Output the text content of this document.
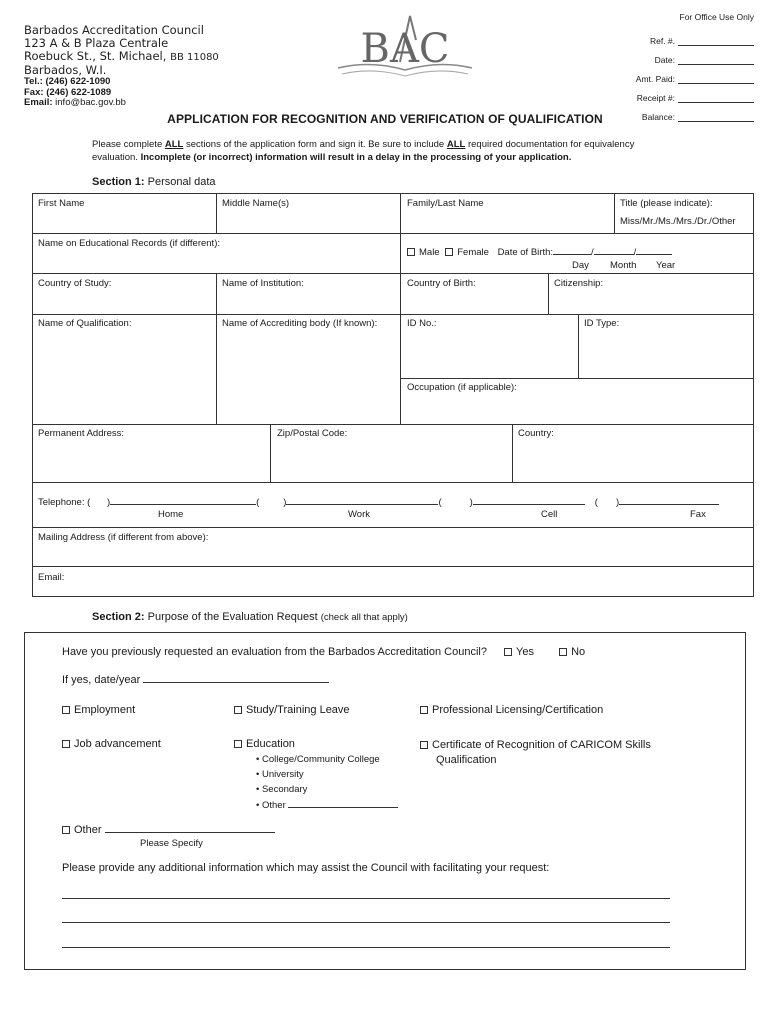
Barbados Accreditation Council
123 A & B Plaza Centrale
Roebuck St., St. Michael, BB 11080
Barbados, W.I.
Tel.: (246) 622-1090
Fax: (246) 622-1089
Email: info@bac.gov.bb
BAC
For Office Use Only
Ref. #.
Date:
Amt. Paid:
Receipt #:
Balance:
APPLICATION FOR RECOGNITION AND VERIFICATION OF QUALIFICATION
Please complete ALL sections of the application form and sign it. Be sure to include ALL required documentation for equivalency
evaluation. Incomplete (or incorrect) information will result in a delay in the processing of your application.
Section 1: Personal data
First Name	Middle Name(s)	Family/Last Name	Title (please indicate):
Miss/Mr./Ms./Mrs./Dr./Other
Name on Educational Records (if different):
Male Female Date of Birth:	/	/
Day Month Year
Country of Study:	Name of Institution:	Country of Birth:	Citizenship:
Name of Qualification:	Name of Accrediting body (If known):	ID No.:	ID Type:
Occupation (if applicable):
Permanent Address:	Zip/Postal Code:	Country:
Telephone: ( )	(	)	(	)	( )
Home	Work	Cell	Fax
Mailing Address (if different from above):
Email:
Section 2: Purpose of the Evaluation Request (check all that apply)
Have you previously requested an evaluation from the Barbados Accreditation Council?	Yes	No
If yes, date/year
Employment	Study/Training Leave	Professional Licensing/Certification
Job advancement	Education
• College/Community College
• University
• Secondary
• Other
Certificate of Recognition of CARICOM Skills
Qualification
Other
Please Specify
Please provide any additional information which may assist the Council with facilitating your request:
